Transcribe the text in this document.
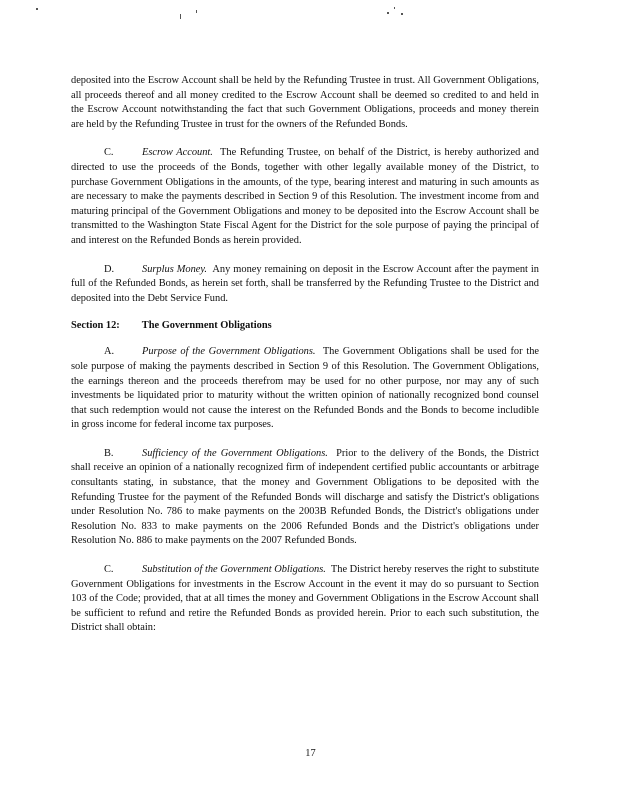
deposited into the Escrow Account shall be held by the Refunding Trustee in trust. All Government Obligations, all proceeds thereof and all money credited to the Escrow Account shall be deemed so credited to and held in the Escrow Account notwithstanding the fact that such Government Obligations, proceeds and money therein are held by the Refunding Trustee in trust for the owners of the Refunded Bonds.

C.	Escrow Account. The Refunding Trustee, on behalf of the District, is hereby authorized and directed to use the proceeds of the Bonds, together with other legally available money of the District, to purchase Government Obligations in the amounts, of the type, bearing interest and maturing in such amounts as are necessary to make the payments described in Section 9 of this Resolution. The investment income from and maturing principal of the Government Obligations and money to be deposited into the Escrow Account shall be transmitted to the Washington State Fiscal Agent for the District for the sole purpose of paying the principal of and interest on the Refunded Bonds as herein provided.

D.	Surplus Money. Any money remaining on deposit in the Escrow Account after the payment in full of the Refunded Bonds, as herein set forth, shall be transferred by the Refunding Trustee to the District and deposited into the Debt Service Fund.

Section 12: The Government Obligations

A.	Purpose of the Government Obligations. The Government Obligations shall be used for the sole purpose of making the payments described in Section 9 of this Resolution. The Government Obligations, the earnings thereon and the proceeds therefrom may be used for no other purpose, nor may any of such investments be liquidated prior to maturity without the written opinion of nationally recognized bond counsel that such redemption would not cause the interest on the Refunded Bonds and the Bonds to become includible in gross income for federal income tax purposes.

B.	Sufficiency of the Government Obligations. Prior to the delivery of the Bonds, the District shall receive an opinion of a nationally recognized firm of independent certified public accountants or arbitrage consultants stating, in substance, that the money and Government Obligations to be deposited with the Refunding Trustee for the payment of the Refunded Bonds will discharge and satisfy the District's obligations under Resolution No. 786 to make payments on the 2003B Refunded Bonds, the District's obligations under Resolution No. 833 to make payments on the 2006 Refunded Bonds and the District's obligations under Resolution No. 886 to make payments on the 2007 Refunded Bonds.

C.	Substitution of the Government Obligations. The District hereby reserves the right to substitute Government Obligations for investments in the Escrow Account in the event it may do so pursuant to Section 103 of the Code; provided, that at all times the money and Government Obligations in the Escrow Account shall be sufficient to refund and retire the Refunded Bonds as provided herein. Prior to each such substitution, the District shall obtain:

17
